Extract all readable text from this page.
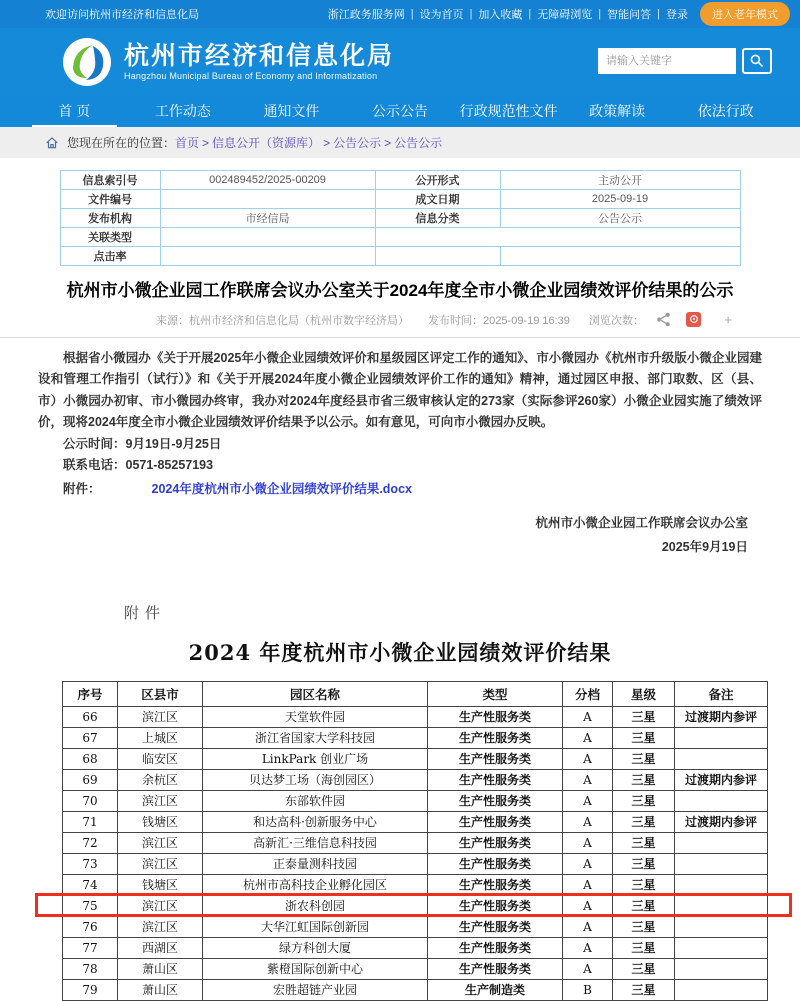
欢迎访问杭州市经济和信息化局	浙江政务服务网 | 设为首页 | 加入收藏 | 无障碍浏览 | 智能问答 | 登录	进入老年模式
杭州市经济和信息化局
Hangzhou Municipal Bureau of Economy and Informatization
请输入关键字
首 页	工作动态	通知文件	公示公告	行政规范性文件	政策解读	依法行政
您现在所在的位置： 首页 > 信息公开（资源库） > 公告公示 > 公告公示
信息索引号	002489452/2025-00209	公开形式	主动公开
文件编号		成文日期	2025-09-19
发布机构	市经信局	信息分类	公告公示
关联类型			
点击率			
杭州市小微企业园工作联席会议办公室关于2024年度全市小微企业园绩效评价结果的公示
来源：杭州市经济和信息化局（杭州市数字经济局） 发布时间：2025-09-19 16:39 浏览次数：	+

根据省小微园办《关于开展2025年小微企业园绩效评价和星级园区评定工作的通知》、市小微园办《杭州市升级版小微企业园建设和管理工作指引（试行）》和《关于开展2024年度小微企业园绩效评价工作的通知》精神，通过园区申报、部门取数、区（县、市）小微园办初审、市小微园办终审，我办对2024年度经县市省三级审核认定的273家（实际参评260家）小微企业园实施了绩效评价，现将2024年度全市小微企业园绩效评价结果予以公示。如有意见，可向市小微园办反映。

公示时间：9月19日-9月25日

联系电话：0571-85257193

附件：	2024年度杭州市小微企业园绩效评价结果.docx

杭州市小微企业园工作联席会议办公室
2025年9月19日
附件
2024 年度杭州市小微企业园绩效评价结果
序号	区县市	园区名称	类型	分档	星级	备注
66	滨江区	天堂软件园	生产性服务类	A	三星	过渡期内参评
67	上城区	浙江省国家大学科技园	生产性服务类	A	三星	
68	临安区	LinkPark 创业广场	生产性服务类	A	三星	
69	余杭区	贝达梦工场（海创园区）	生产性服务类	A	三星	过渡期内参评
70	滨江区	东部软件园	生产性服务类	A	三星	
71	钱塘区	和达高科·创新服务中心	生产性服务类	A	三星	过渡期内参评
72	滨江区	高新汇·三维信息科技园	生产性服务类	A	三星	
73	滨江区	正泰量测科技园	生产性服务类	A	三星	
74	钱塘区	杭州市高科技企业孵化园区	生产性服务类	A	三星	
75	滨江区	浙农科创园	生产性服务类	A	三星	
76	滨江区	大华江虹国际创新园	生产性服务类	A	三星	
77	西湖区	绿方科创大厦	生产性服务类	A	三星	
78	萧山区	紫橙国际创新中心	生产性服务类	A	三星	
79	萧山区	宏胜超链产业园	生产制造类	B	三星	
